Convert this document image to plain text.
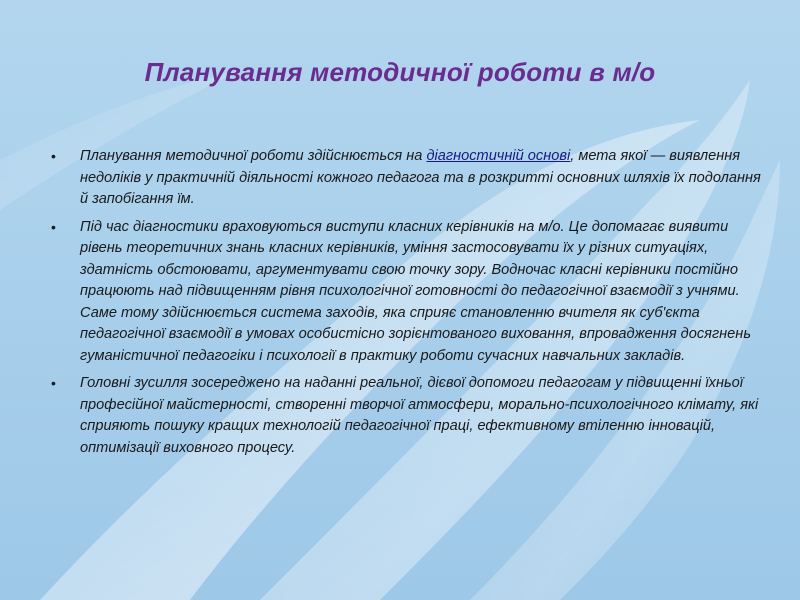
Планування методичної роботи в м/о
• Планування методичної роботи здійснюється на діагностичній основі, мета якої — виявлення недоліків у практичній діяльності кожного педагога та в розкритті основних шляхів їх подолання й запобігання їм.
• Під час діагностики враховуються виступи класних керівників на м/о. Це допомагає виявити рівень теоретичних знань класних керівників, уміння застосовувати їх у різних ситуаціях, здатність обстоювати, аргументувати свою точку зору. Водночас класні керівники постійно працюють над підвищенням рівня психологічної готовності до педагогічної взаємодії з учнями. Саме тому здійснюється система заходів, яка сприяє становленню вчителя як суб'єкта педагогічної взаємодії в умовах особистісно зорієнтованого виховання, впровадження досягнень гуманістичної педагогіки і психології в практику роботи сучасних навчальних закладів.
• Головні зусилля зосереджено на наданні реальної, дієвої допомоги педагогам у підвищенні їхньої професійної майстерності, створенні творчої атмосфери, морально-психологічного клімату, які сприяють пошуку кращих технологій педагогічної праці, ефективному втіленню інновацій, оптимізації виховного процесу.
